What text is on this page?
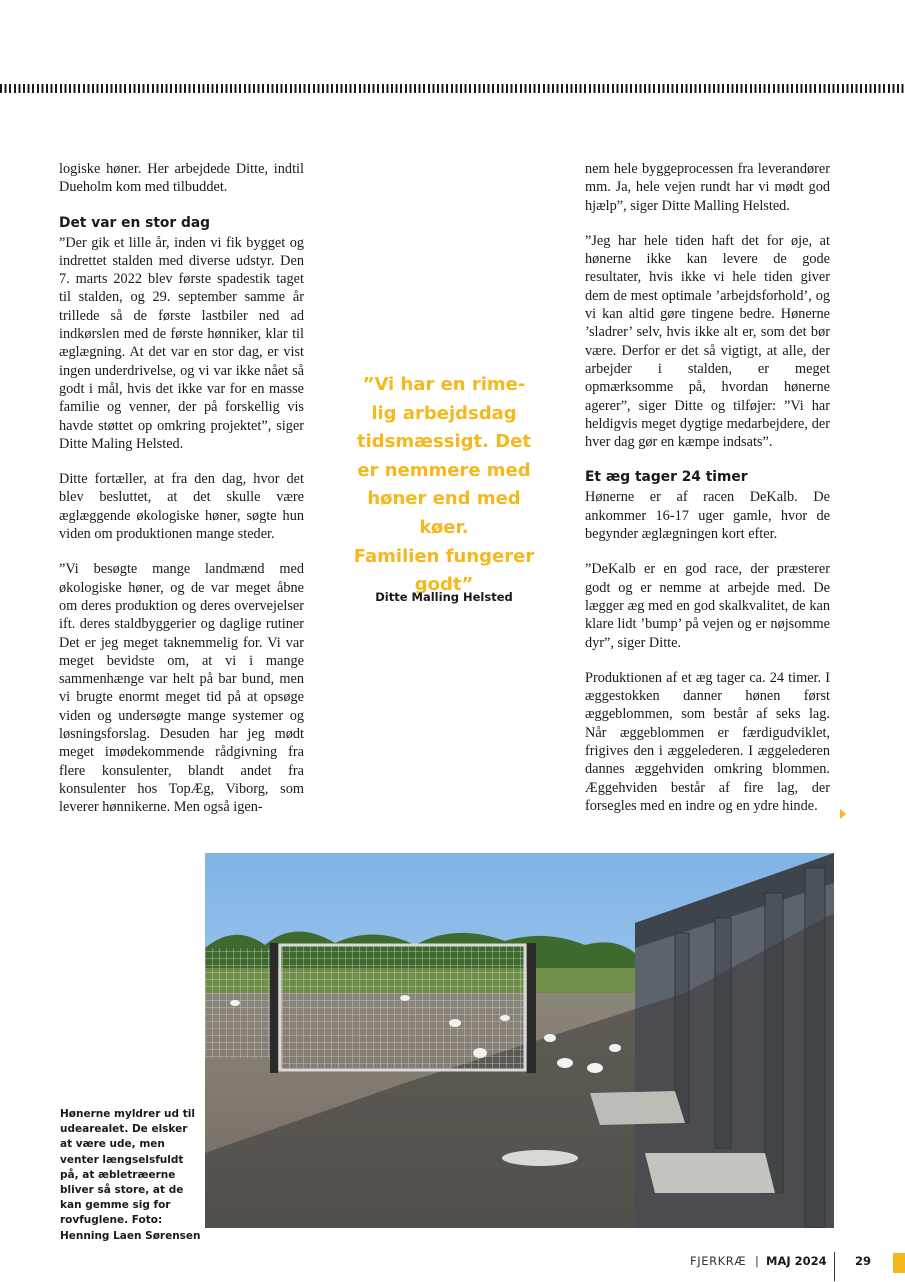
logiske høner. Her arbejdede Ditte, indtil Dueholm kom med tilbuddet.

Det var en stor dag

”Der gik et lille år, inden vi fik bygget og indrettet stalden med diverse udstyr. Den 7. marts 2022 blev første spadestik taget til stalden, og 29. september samme år trillede så de første lastbiler ned ad indkørslen med de første hønniker, klar til æglægning. At det var en stor dag, er vist ingen underdrivelse, og vi var ikke nået så godt i mål, hvis det ikke var for en masse familie og venner, der på forskellig vis havde støttet op omkring projektet”, siger Ditte Maling Helsted.

Ditte fortæller, at fra den dag, hvor det blev besluttet, at det skulle være æglæggende økologiske høner, søgte hun viden om produktionen mange steder.

”Vi besøgte mange landmænd med økologiske høner, og de var meget åbne om deres produktion og deres overvejelser ift. deres staldbyggerier og daglige rutiner Det er jeg meget taknemmelig for. Vi var meget bevidste om, at vi i mange sammenhænge var helt på bar bund, men vi brugte enormt meget tid på at opsøge viden og undersøgte mange systemer og løsningsforslag. Desuden har jeg mødt meget imødekommende rådgivning fra flere konsulenter, blandt andet fra konsulenter hos TopÆg, Viborg, som leverer hønnikerne. Men også igen-

”Vi har en rime-
lig arbejdsdag
tidsmæssigt. Det
er nemmere med
høner end med køer.
Familien fungerer
godt”
Ditte Malling Helsted

nem hele byggeprocessen fra leverandører mm. Ja, hele vejen rundt har vi mødt god hjælp”, siger Ditte Malling Helsted.

”Jeg har hele tiden haft det for øje, at hønerne ikke kan levere de gode resultater, hvis ikke vi hele tiden giver dem de mest optimale ’arbejdsforhold’, og vi kan altid gøre tingene bedre. Hønerne ’sladrer’ selv, hvis ikke alt er, som det bør være. Derfor er det så vigtigt, at alle, der arbejder i stalden, er meget opmærksomme på, hvordan hønerne agerer”, siger Ditte og tilføjer: ”Vi har heldigvis meget dygtige medarbejdere, der hver dag gør en kæmpe indsats”.

Et æg tager 24 timer

Hønerne er af racen DeKalb. De ankommer 16-17 uger gamle, hvor de begynder æglægningen kort efter.

”DeKalb er en god race, der præsterer godt og er nemme at arbejde med. De lægger æg med en god skalkvalitet, de kan klare lidt ’bump’ på vejen og er nøjsomme dyr”, siger Ditte.

Produktionen af et æg tager ca. 24 timer. I æggestokken danner hønen først æggeblommen, som består af seks lag. Når æggeblommen er færdigudviklet, frigives den i æggelederen. I æggelederen dannes æggehviden omkring blommen. Æggehviden består af fire lag, der forsegles med en indre og en ydre hinde.

Hønerne myldrer ud til udearealet. De elsker at være ude, men venter længselsfuldt på, at æbletræerne bliver så store, at de kan gemme sig for rovfuglene. Foto: Henning Laen Sørensen
FJERKRÆ | MAJ 2024 29
